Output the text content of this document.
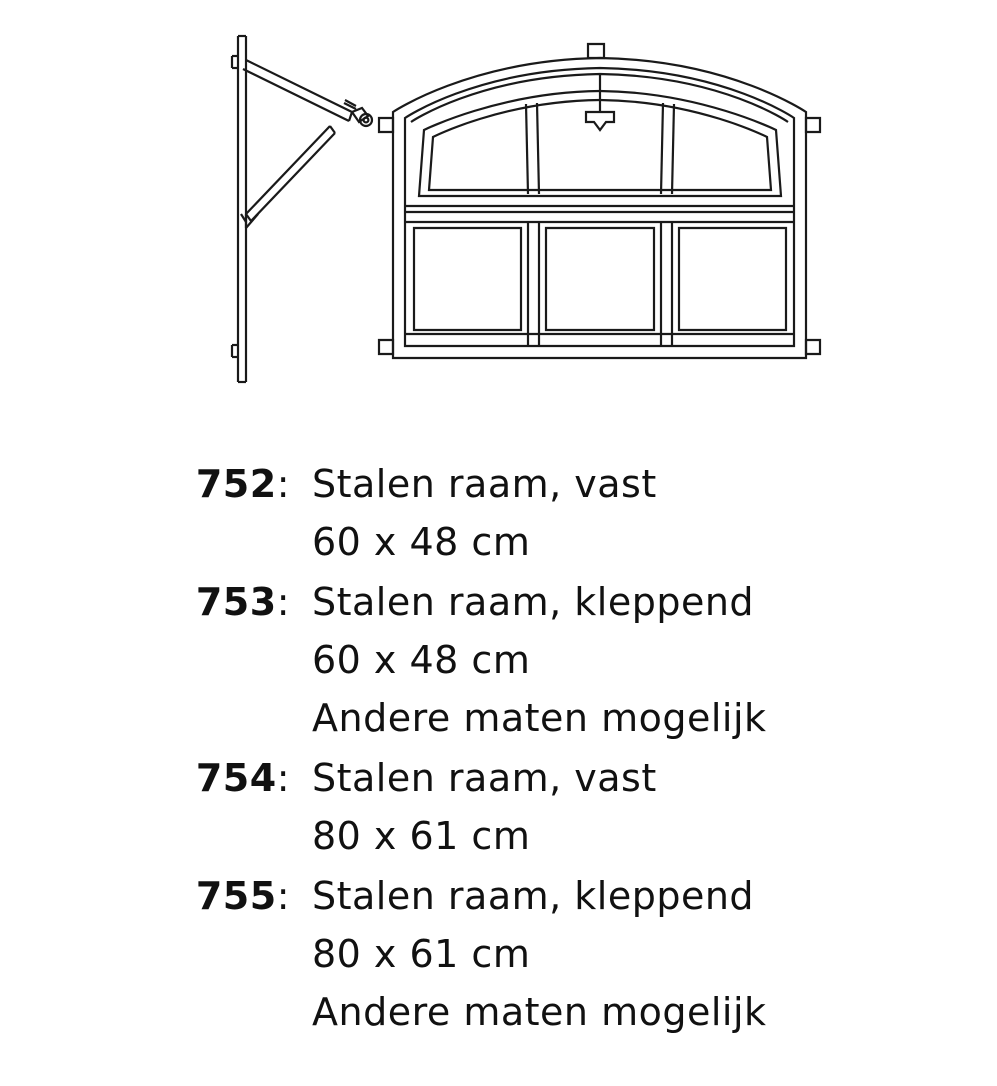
752: Stalen raam, vast
60 x 48 cm
753: Stalen raam, kleppend
60 x 48 cm
Andere maten mogelijk
754: Stalen raam, vast
80 x 61 cm
755: Stalen raam, kleppend
80 x 61 cm
Andere maten mogelijk
